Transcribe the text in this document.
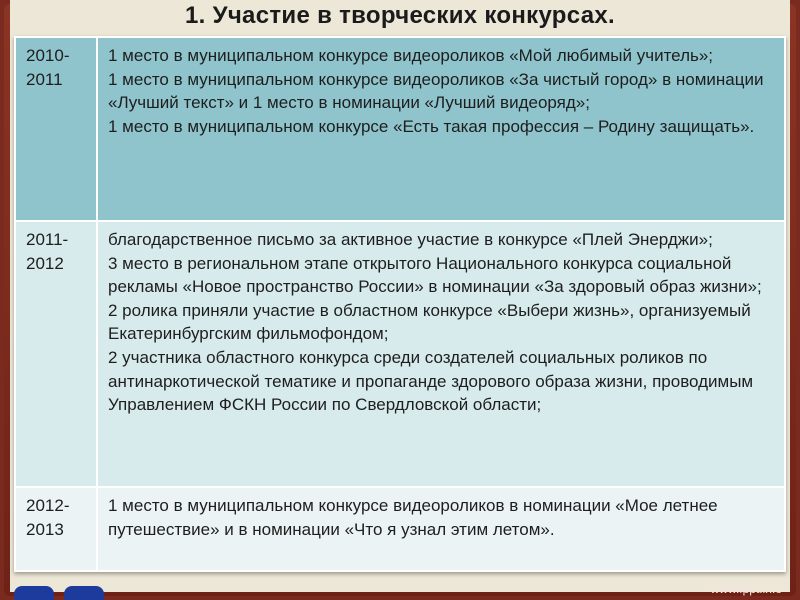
1. Участие в творческих конкурсах.
2010-2011	1 место в муниципальном конкурсе видеороликов «Мой любимый учитель»;
1 место в муниципальном конкурсе видеороликов «За чистый город» в номинации «Лучший текст» и 1 место в номинации «Лучший видеоряд»;
1 место в муниципальном конкурсе «Есть такая профессия – Родину защищать».

2011-2012	благодарственное письмо за активное участие в конкурсе «Плей Энерджи»;
3 место в региональном этапе открытого Национального конкурса социальной рекламы «Новое пространство России» в номинации «За здоровый образ жизни»;
2 ролика приняли участие в областном конкурсе «Выбери жизнь», организуемый Екатеринбургским фильмофондом;
2 участника областного конкурса среди создателей социальных роликов по антинаркотической тематике и пропаганде здорового образа жизни, проводимым Управлением ФСКН России по Свердловской области;

2012-2013	1 место в муниципальном конкурсе видеороликов в номинации «Мое летнее путешествие» и в номинации «Что я узнал этим летом».
www.fppt.info
